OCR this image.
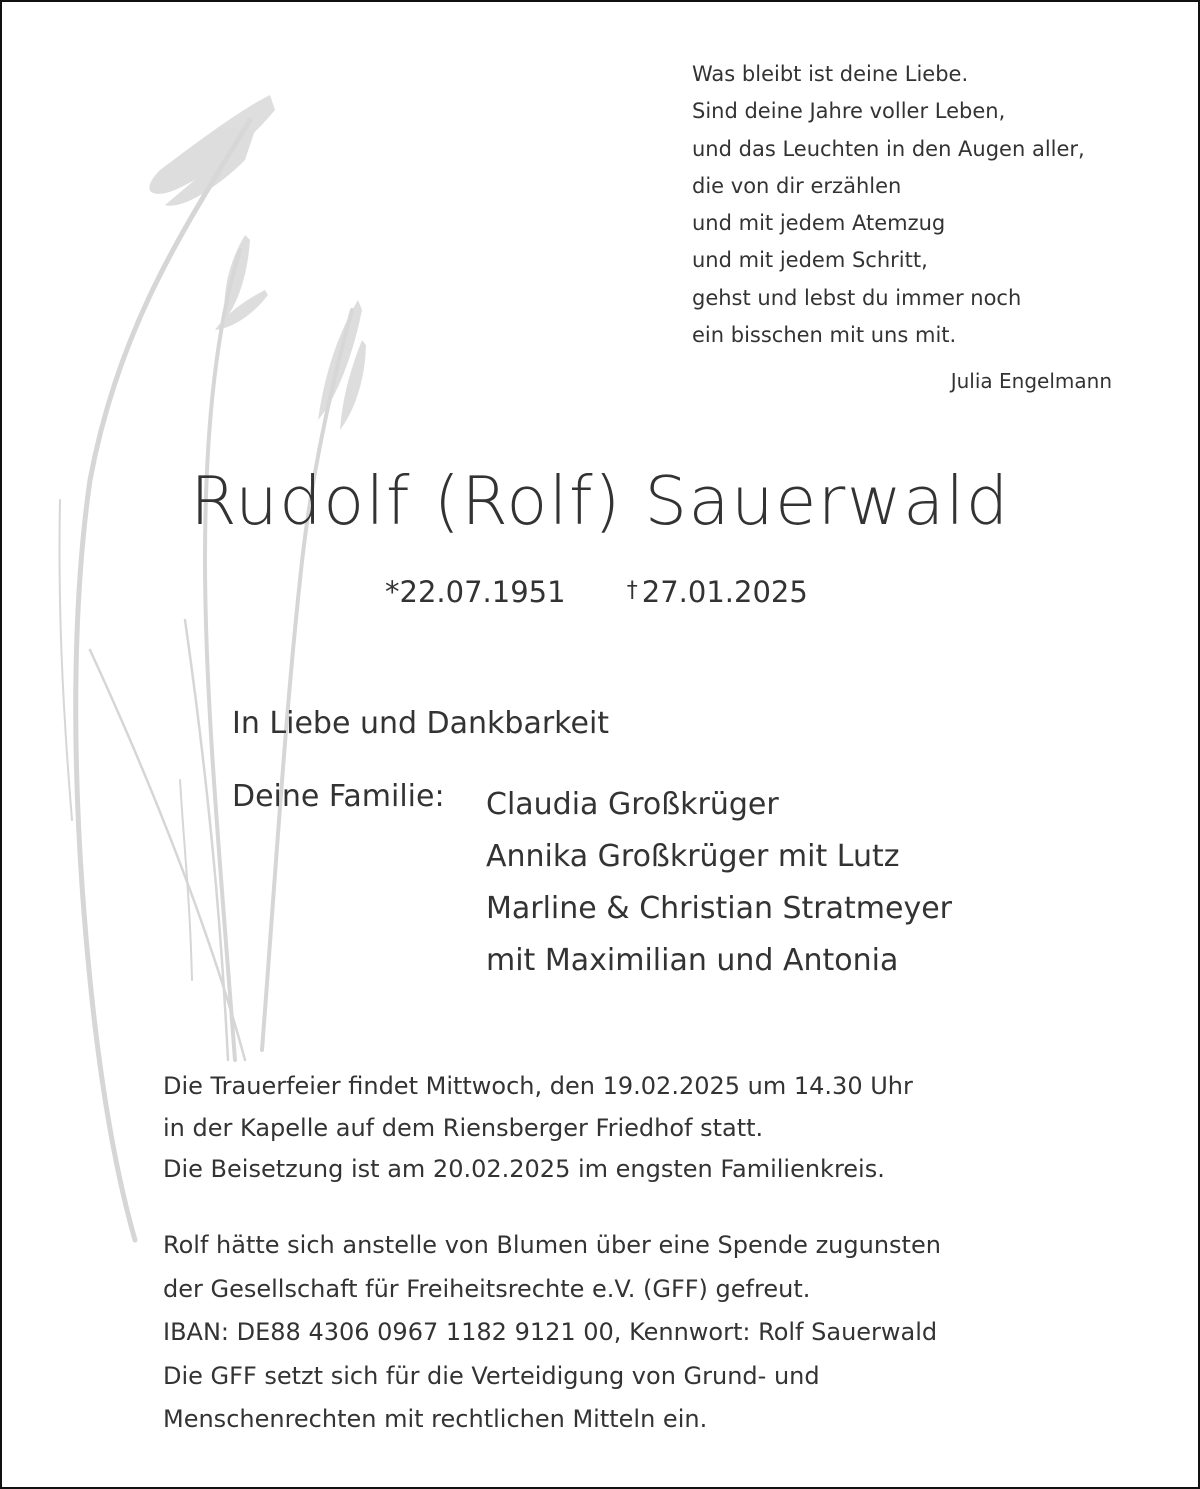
Was bleibt ist deine Liebe.
Sind deine Jahre voller Leben,
und das Leuchten in den Augen aller,
die von dir erzählen
und mit jedem Atemzug
und mit jedem Schritt,
gehst und lebst du immer noch
ein bisschen mit uns mit.
Julia Engelmann
Rudolf (Rolf) Sauerwald
*22.07.1951	† 27.01.2025
In Liebe und Dankbarkeit
Deine Familie: Claudia Großkrüger
Annika Großkrüger mit Lutz
Marline & Christian Stratmeyer
mit Maximilian und Antonia
Die Trauerfeier findet Mittwoch, den 19.02.2025 um 14.30 Uhr
in der Kapelle auf dem Riensberger Friedhof statt.
Die Beisetzung ist am 20.02.2025 im engsten Familienkreis.
Rolf hätte sich anstelle von Blumen über eine Spende zugunsten
der Gesellschaft für Freiheitsrechte e.V. (GFF) gefreut.
IBAN: DE88 4306 0967 1182 9121 00, Kennwort: Rolf Sauerwald
Die GFF setzt sich für die Verteidigung von Grund- und
Menschenrechten mit rechtlichen Mitteln ein.
